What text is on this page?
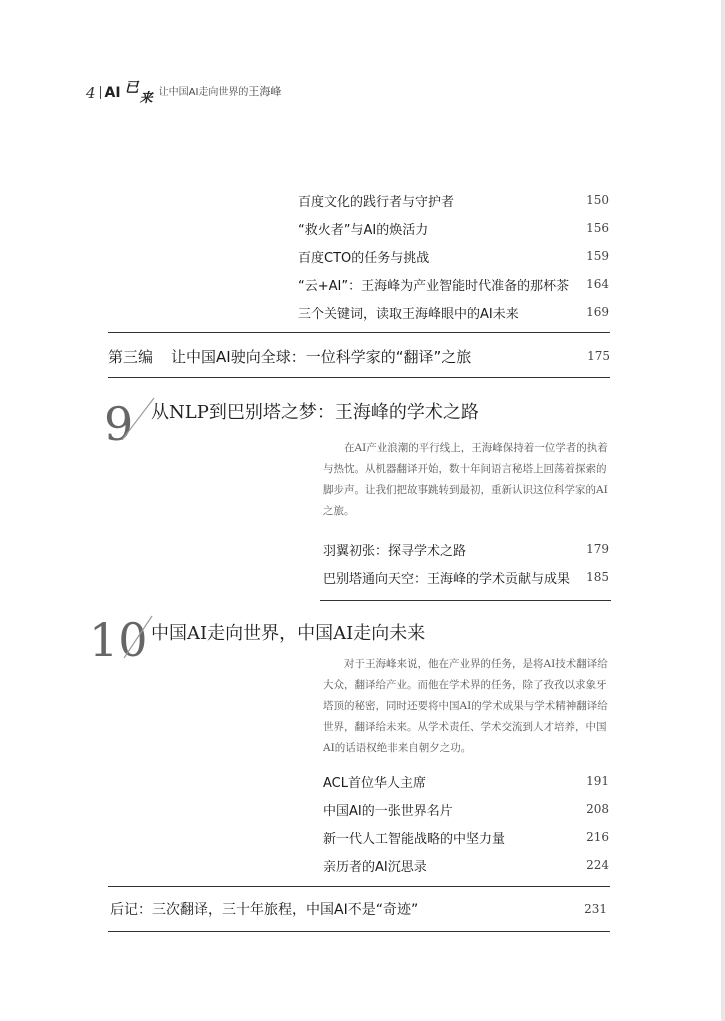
4 AI 已
来 让中国AI走向世界的王海峰
百度文化的践行者与守护者	150
“救火者”与AI的焕活力	156
百度CTO的任务与挑战	159
“云+AI”：王海峰为产业智能时代准备的那杯茶 164
三个关键词，读取王海峰眼中的AI未来	169
第三编 让中国AI驶向全球：一位科学家的“翻译”之旅	175
9 从NLP到巴别塔之梦：王海峰的学术之路

在AI产业浪潮的平行线上，王海峰保持着一位学者的执着与热忱。从机器翻译开始，数十年间语言秘塔上回荡着探索的脚步声。让我们把故事跳转到最初，重新认识这位科学家的AI之旅。

羽翼初张：探寻学术之路	179
巴别塔通向天空：王海峰的学术贡献与成果 185
10 中国AI走向世界，中国AI走向未来

对于王海峰来说，他在产业界的任务，是将AI技术翻译给大众，翻译给产业。而他在学术界的任务，除了孜孜以求象牙塔顶的秘密，同时还要将中国AI的学术成果与学术精神翻译给世界，翻译给未来。从学术责任、学术交流到人才培养，中国AI的话语权绝非来自朝夕之功。

ACL首位华人主席	191
中国AI的一张世界名片	208
新一代人工智能战略的中坚力量	216
亲历者的AI沉思录	224
后记：三次翻译，三十年旅程，中国AI不是“奇迹”	231
